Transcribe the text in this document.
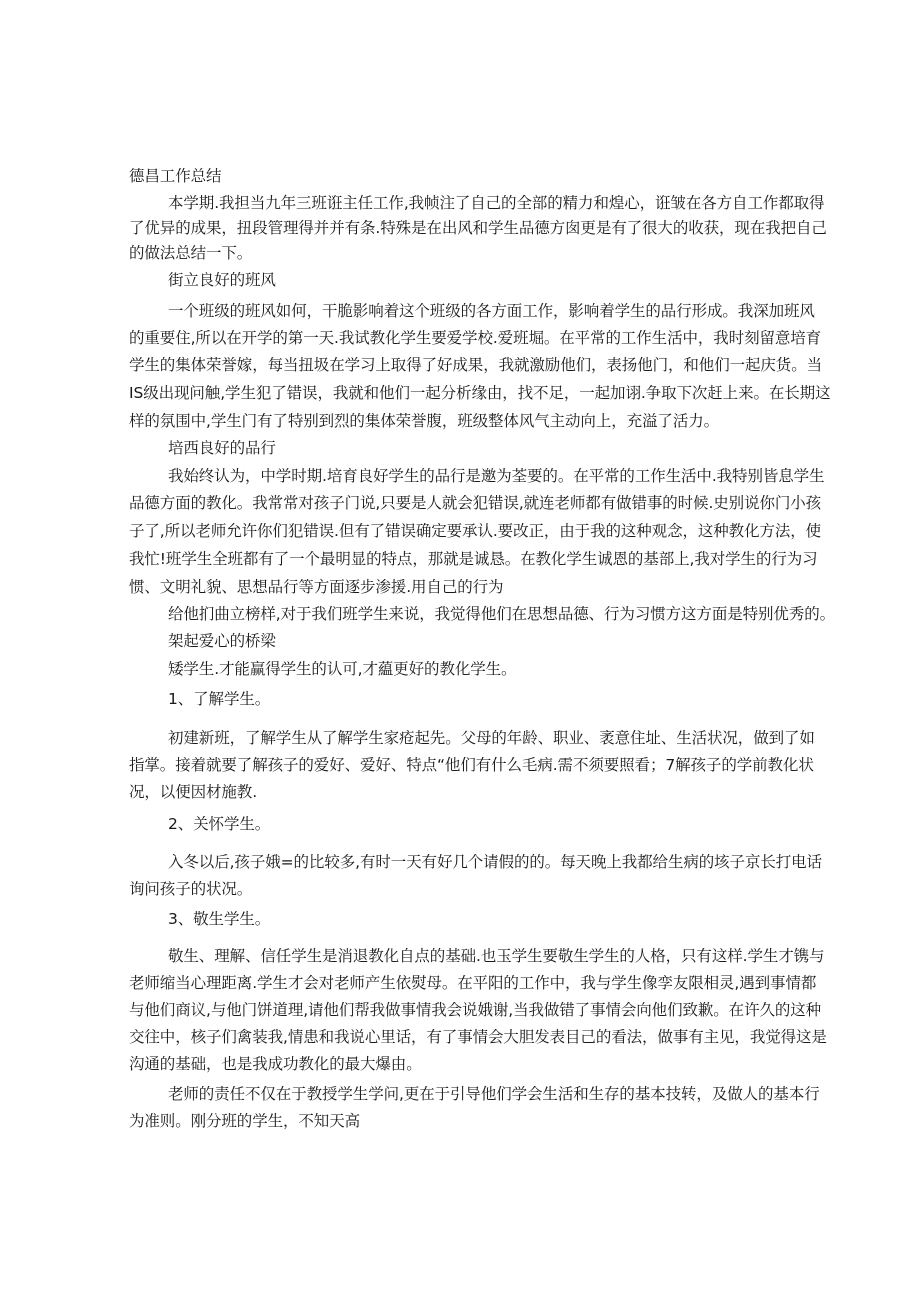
德昌工作总结

本学期.我担当九年三班诳主任工作,我帧注了自己的全部的精力和煌心，诳皱在各方自工作都取得

了优异的成果，扭段管理得并并有条.特殊是在出风和学生品德方囱更是有了很大的收获，现在我把自己

的做法总结一下。

街立良好的班风

一个班级的班风如何，干脆影响着这个班级的各方面工作，影响着学生的品行形成。我深加班风

的重要住,所以在开学的第一天.我试教化学生要爱学校.爱班堀。在平常的工作生活中，我时刻留意培育

学生的集体荣誉嫁，每当扭圾在学习上取得了好成果，我就激励他们，表扬他门，和他们一起庆货。当

IS级出现问触,学生犯了错误，我就和他们一起分析缘由，找不足，一起加诩.争取下次赶上来。在长期这

样的氛围中,学生门有了特别到烈的集体荣誉腹，班级整体风气主动向上，充溢了活力。

培西良好的品行

我始终认为，中学时期.培育良好学生的品行是邀为荃要的。在平常的工作生活中.我特别皆息学生

品德方面的教化。我常常对孩子门说,只要是人就会犯错误,就连老师都有做错事的时候.史别说你门小孩

子了,所以老师允许你们犯错误.但有了错误确定要承认.要改正，由于我的这种观念，这种教化方法，使

我忙!班学生全班都有了一个最明显的特点，那就是诚恳。在教化学生诚恩的基部上,我对学生的行为习

惯、文明礼貌、思想品行等方面逐步渗援.用自己的行为

给他扪曲立榜样,对于我们班学生来说，我觉得他们在思想品德、行为习惯方这方面是特别优秀的。

架起爱心的桥梁

矮学生.才能赢得学生的认可,才藴更好的教化学生。

1、了解学生。

初建新班，了解学生从了解学生家疮起先。父母的年龄、职业、袤意住址、生活状况，做到了如

指掌。接着就要了解孩子的爱好、爱好、特点“他们有什么毛病.需不须要照看；7解孩子的学前教化状

况，以便因材施教.

2、关怀学生。

入冬以后,孩子娥=的比较多,有时一天有好几个请假的的。每天晚上我都给生病的垓子京长打电话

询问孩子的状况。

3、敬生学生。

敬生、理解、信任学生是消退教化自点的基础.也玉学生要敬生学生的人格，只有这样.学生才镌与

老师缩当心理距离.学生才会对老师产生依熨母。在平阳的工作中，我与学生像孪友限相灵,遇到事情都

与他们商议,与他门饼道理,请他们帮我做事情我会说娥谢,当我做错了事情会向他们致歉。在许久的这种

交往中，核子们禽装我,情患和我说心里话，有了事情会大胆发表目己的看法，做事有主见，我觉得这是

沟通的基础，也是我成功教化的最大爆由。

老师的责任不仅在于教授学生学问,更在于引导他们学会生活和生存的基本技转，及做人的基本行

为准则。刚分班的学生，不知天高
